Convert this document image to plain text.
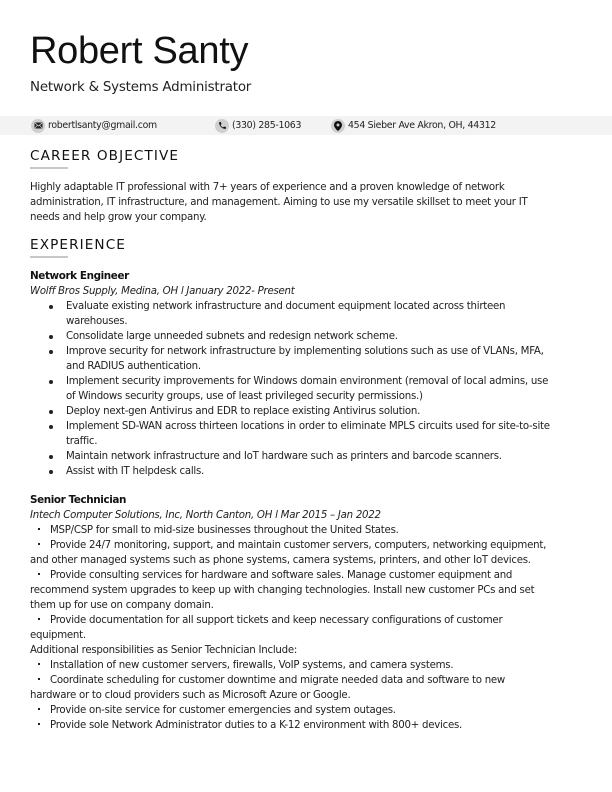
Robert Santy
Network & Systems Administrator
robertlsanty@gmail.com	(330) 285-1063	454 Sieber Ave Akron, OH, 44312
CAREER OBJECTIVE
Highly adaptable IT professional with 7+ years of experience and a proven knowledge of network
administration, IT infrastructure, and management. Aiming to use my versatile skillset to meet your IT
needs and help grow your company.
EXPERIENCE
Network Engineer
Wolff Bros Supply, Medina, OH l January 2022- Present
Evaluate existing network infrastructure and document equipment located across thirteen
warehouses.
Consolidate large unneeded subnets and redesign network scheme.
Improve security for network infrastructure by implementing solutions such as use of VLANs, MFA,
and RADIUS authentication.
Implement security improvements for Windows domain environment (removal of local admins, use
of Windows security groups, use of least privileged security permissions.)
Deploy next-gen Antivirus and EDR to replace existing Antivirus solution.
Implement SD-WAN across thirteen locations in order to eliminate MPLS circuits used for site-to-site
traffic.
Maintain network infrastructure and IoT hardware such as printers and barcode scanners.
Assist with IT helpdesk calls.
Senior Technician
Intech Computer Solutions, Inc, North Canton, OH l Mar 2015 – Jan 2022
MSP/CSP for small to mid-size businesses throughout the United States.
Provide 24/7 monitoring, support, and maintain customer servers, computers, networking equipment,
and other managed systems such as phone systems, camera systems, printers, and other IoT devices.
Provide consulting services for hardware and software sales. Manage customer equipment and
recommend system upgrades to keep up with changing technologies. Install new customer PCs and set
them up for use on company domain.
Provide documentation for all support tickets and keep necessary configurations of customer
equipment.
Additional responsibilities as Senior Technician Include:
Installation of new customer servers, firewalls, VoIP systems, and camera systems.
Coordinate scheduling for customer downtime and migrate needed data and software to new
hardware or to cloud providers such as Microsoft Azure or Google.
Provide on-site service for customer emergencies and system outages.
Provide sole Network Administrator duties to a K-12 environment with 800+ devices.
